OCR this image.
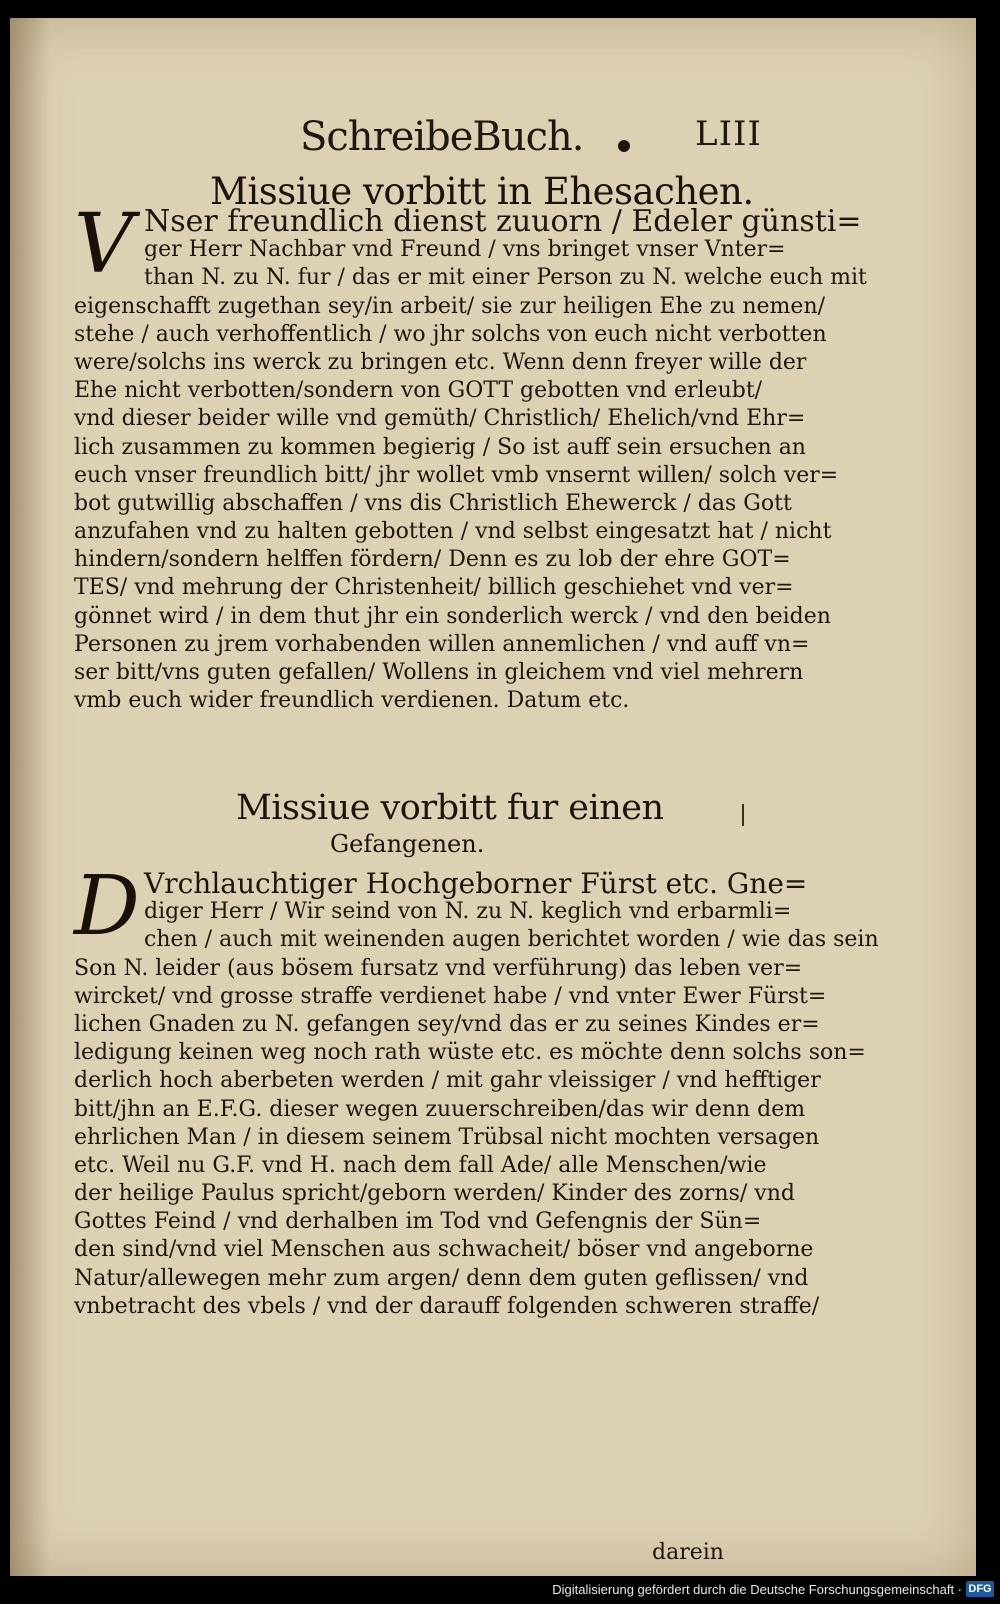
SchreibeBuch.	LIII
Missiue vorbitt in Ehesachen.
V Nser freundlich dienst zuuorn / Edeler günsti=
ger Herr Nachbar vnd Freund / vns bringet vnser Vnter=
than N. zu N. fur / das er mit einer Person zu N. welche euch mit
eigenschafft zugethan sey/in arbeit/ sie zur heiligen Ehe zu nemen/
stehe / auch verhoffentlich / wo jhr solchs von euch nicht verbotten
were/solchs ins werck zu bringen etc. Wenn denn freyer wille der
Ehe nicht verbotten/sondern von GOTT gebotten vnd erleubt/
vnd dieser beider wille vnd gemüth/ Christlich/ Ehelich/vnd Ehr=
lich zusammen zu kommen begierig / So ist auff sein ersuchen an
euch vnser freundlich bitt/ jhr wollet vmb vnsernt willen/ solch ver=
bot gutwillig abschaffen / vns dis Christlich Ehewerck / das Gott
anzufahen vnd zu halten gebotten / vnd selbst eingesatzt hat / nicht
hindern/sondern helffen fördern/ Denn es zu lob der ehre GOT=
TES/ vnd mehrung der Christenheit/ billich geschiehet vnd ver=
gönnet wird / in dem thut jhr ein sonderlich werck / vnd den beiden
Personen zu jrem vorhabenden willen annemlichen / vnd auff vn=
ser bitt/vns guten gefallen/ Wollens in gleichem vnd viel mehrern
vmb euch wider freundlich verdienen. Datum etc.
Missiue vorbitt fur einen
Gefangenen.
D Vrchlauchtiger Hochgeborner Fürst etc. Gne=
diger Herr / Wir seind von N. zu N. keglich vnd erbarmli=
chen / auch mit weinenden augen berichtet worden / wie das sein
Son N. leider (aus bösem fursatz vnd verführung) das leben ver=
wircket/ vnd grosse straffe verdienet habe / vnd vnter Ewer Fürst=
lichen Gnaden zu N. gefangen sey/vnd das er zu seines Kindes er=
ledigung keinen weg noch rath wüste etc. es möchte denn solchs son=
derlich hoch aberbeten werden / mit gahr vleissiger / vnd hefftiger
bitt/jhn an E.F.G. dieser wegen zuuerschreiben/das wir denn dem
ehrlichen Man / in diesem seinem Trübsal nicht mochten versagen
etc. Weil nu G.F. vnd H. nach dem fall Ade/ alle Menschen/wie
der heilige Paulus spricht/geborn werden/ Kinder des zorns/ vnd
Gottes Feind / vnd derhalben im Tod vnd Gefengnis der Sün=
den sind/vnd viel Menschen aus schwacheit/ böser vnd angeborne
Natur/allewegen mehr zum argen/ denn dem guten geflissen/ vnd
vnbetracht des vbels / vnd der darauff folgenden schweren straffe/
darein
Digitalisierung gefördert durch die Deutsche Forschungsgemeinschaft · DFG
